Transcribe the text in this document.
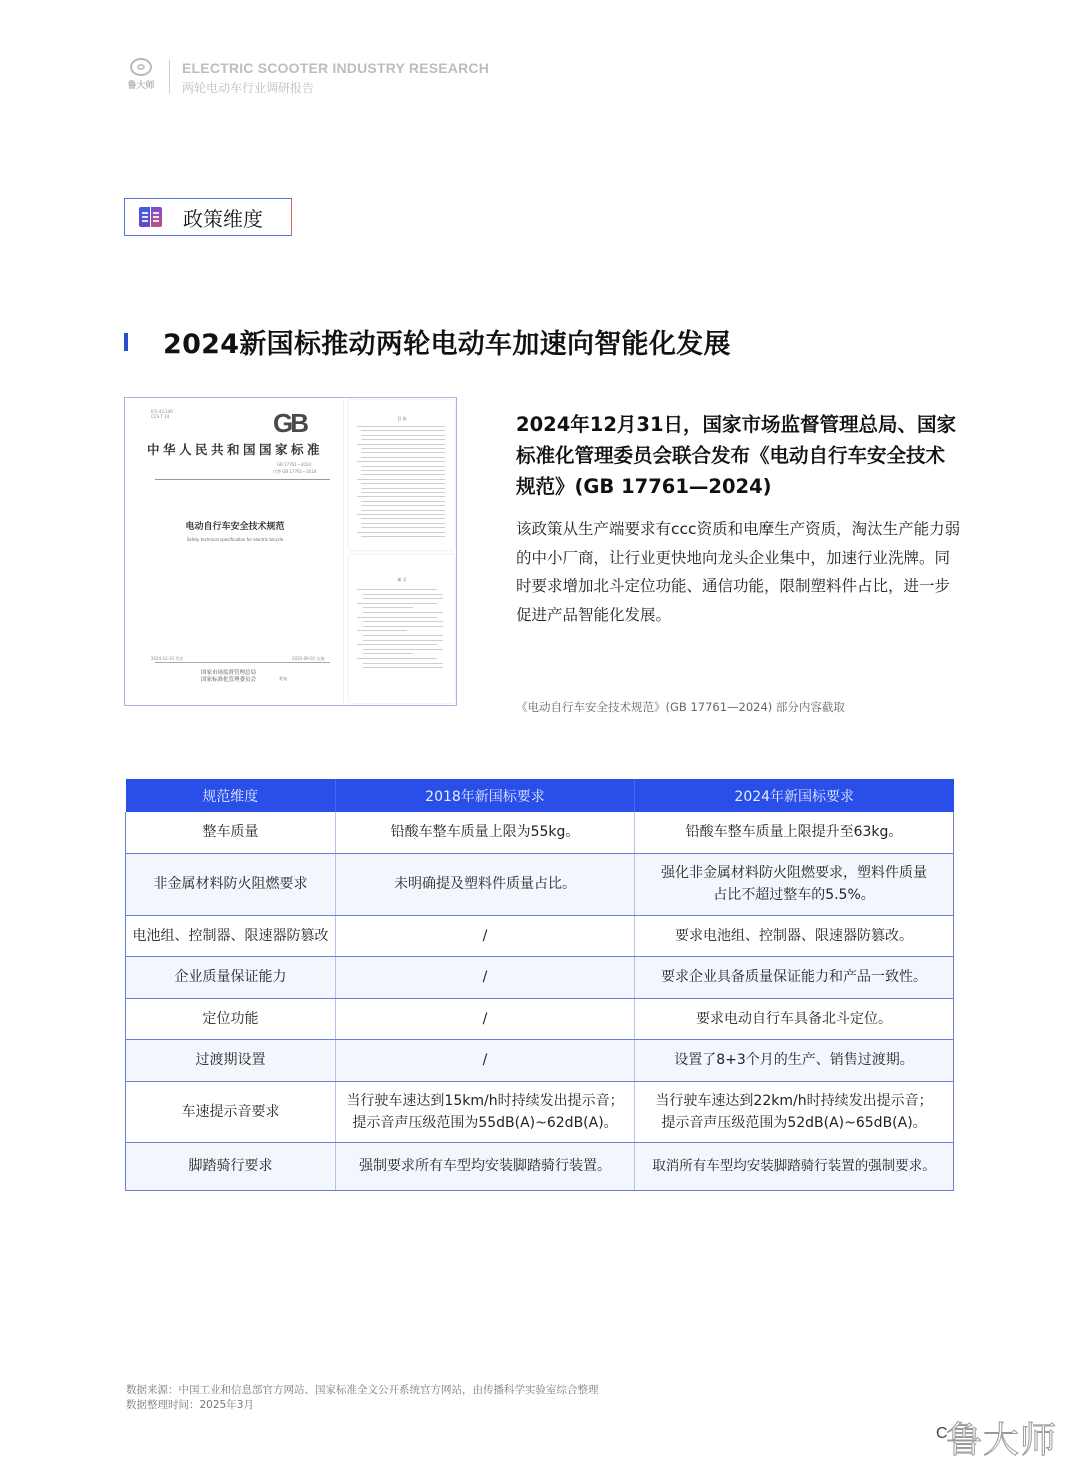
鲁大师
ELECTRIC SCOOTER INDUSTRY RESEARCH
两轮电动车行业调研报告
政策维度
2024新国标推动两轮电动车加速向智能化发展
ICS 43.140
CCS T 14	GB
中华人民共和国国家标准
GB 17761—2024
代替 GB 17761—2018
电动自行车安全技术规范
Safety technical specification for electric bicycle
2024-12-31 发布	2025-09-01 实施
国家市场监督管理总局
国家标准化管理委员会	发布
目 次
前 言
2024年12月31日，国家市场监督管理总局、国家标准化管理委员会联合发布《电动自行车安全技术规范》(GB 17761—2024)
该政策从生产端要求有ccc资质和电摩生产资质，淘汰生产能力弱的中小厂商，让行业更快地向龙头企业集中，加速行业洗牌。同时要求增加北斗定位功能、通信功能，限制塑料件占比，进一步促进产品智能化发展。
《电动自行车安全技术规范》(GB 17761—2024) 部分内容截取
规范维度	2018年新国标要求	2024年新国标要求
整车质量	铅酸车整车质量上限为55kg。	铅酸车整车质量上限提升至63kg。
非金属材料防火阻燃要求	未明确提及塑料件质量占比。	强化非金属材料防火阻燃要求，塑料件质量占比不超过整车的5.5%。
电池组、控制器、限速器防篡改	/	要求电池组、控制器、限速器防篡改。
企业质量保证能力	/	要求企业具备质量保证能力和产品一致性。
定位功能	/	要求电动自行车具备北斗定位。
过渡期设置	/	设置了8+3个月的生产、销售过渡期。
车速提示音要求	当行驶车速达到15km/h时持续发出提示音；提示音声压级范围为55dB(A)~62dB(A)。	当行驶车速达到22km/h时持续发出提示音；提示音声压级范围为52dB(A)~65dB(A)。
脚踏骑行要求	强制要求所有车型均安装脚踏骑行装置。	取消所有车型均安装脚踏骑行装置的强制要求。
数据来源：中国工业和信息部官方网站、国家标准全文公开系统官方网站，由传播科学实验室综合整理
数据整理时间：2025年3月
C
鲁大师
